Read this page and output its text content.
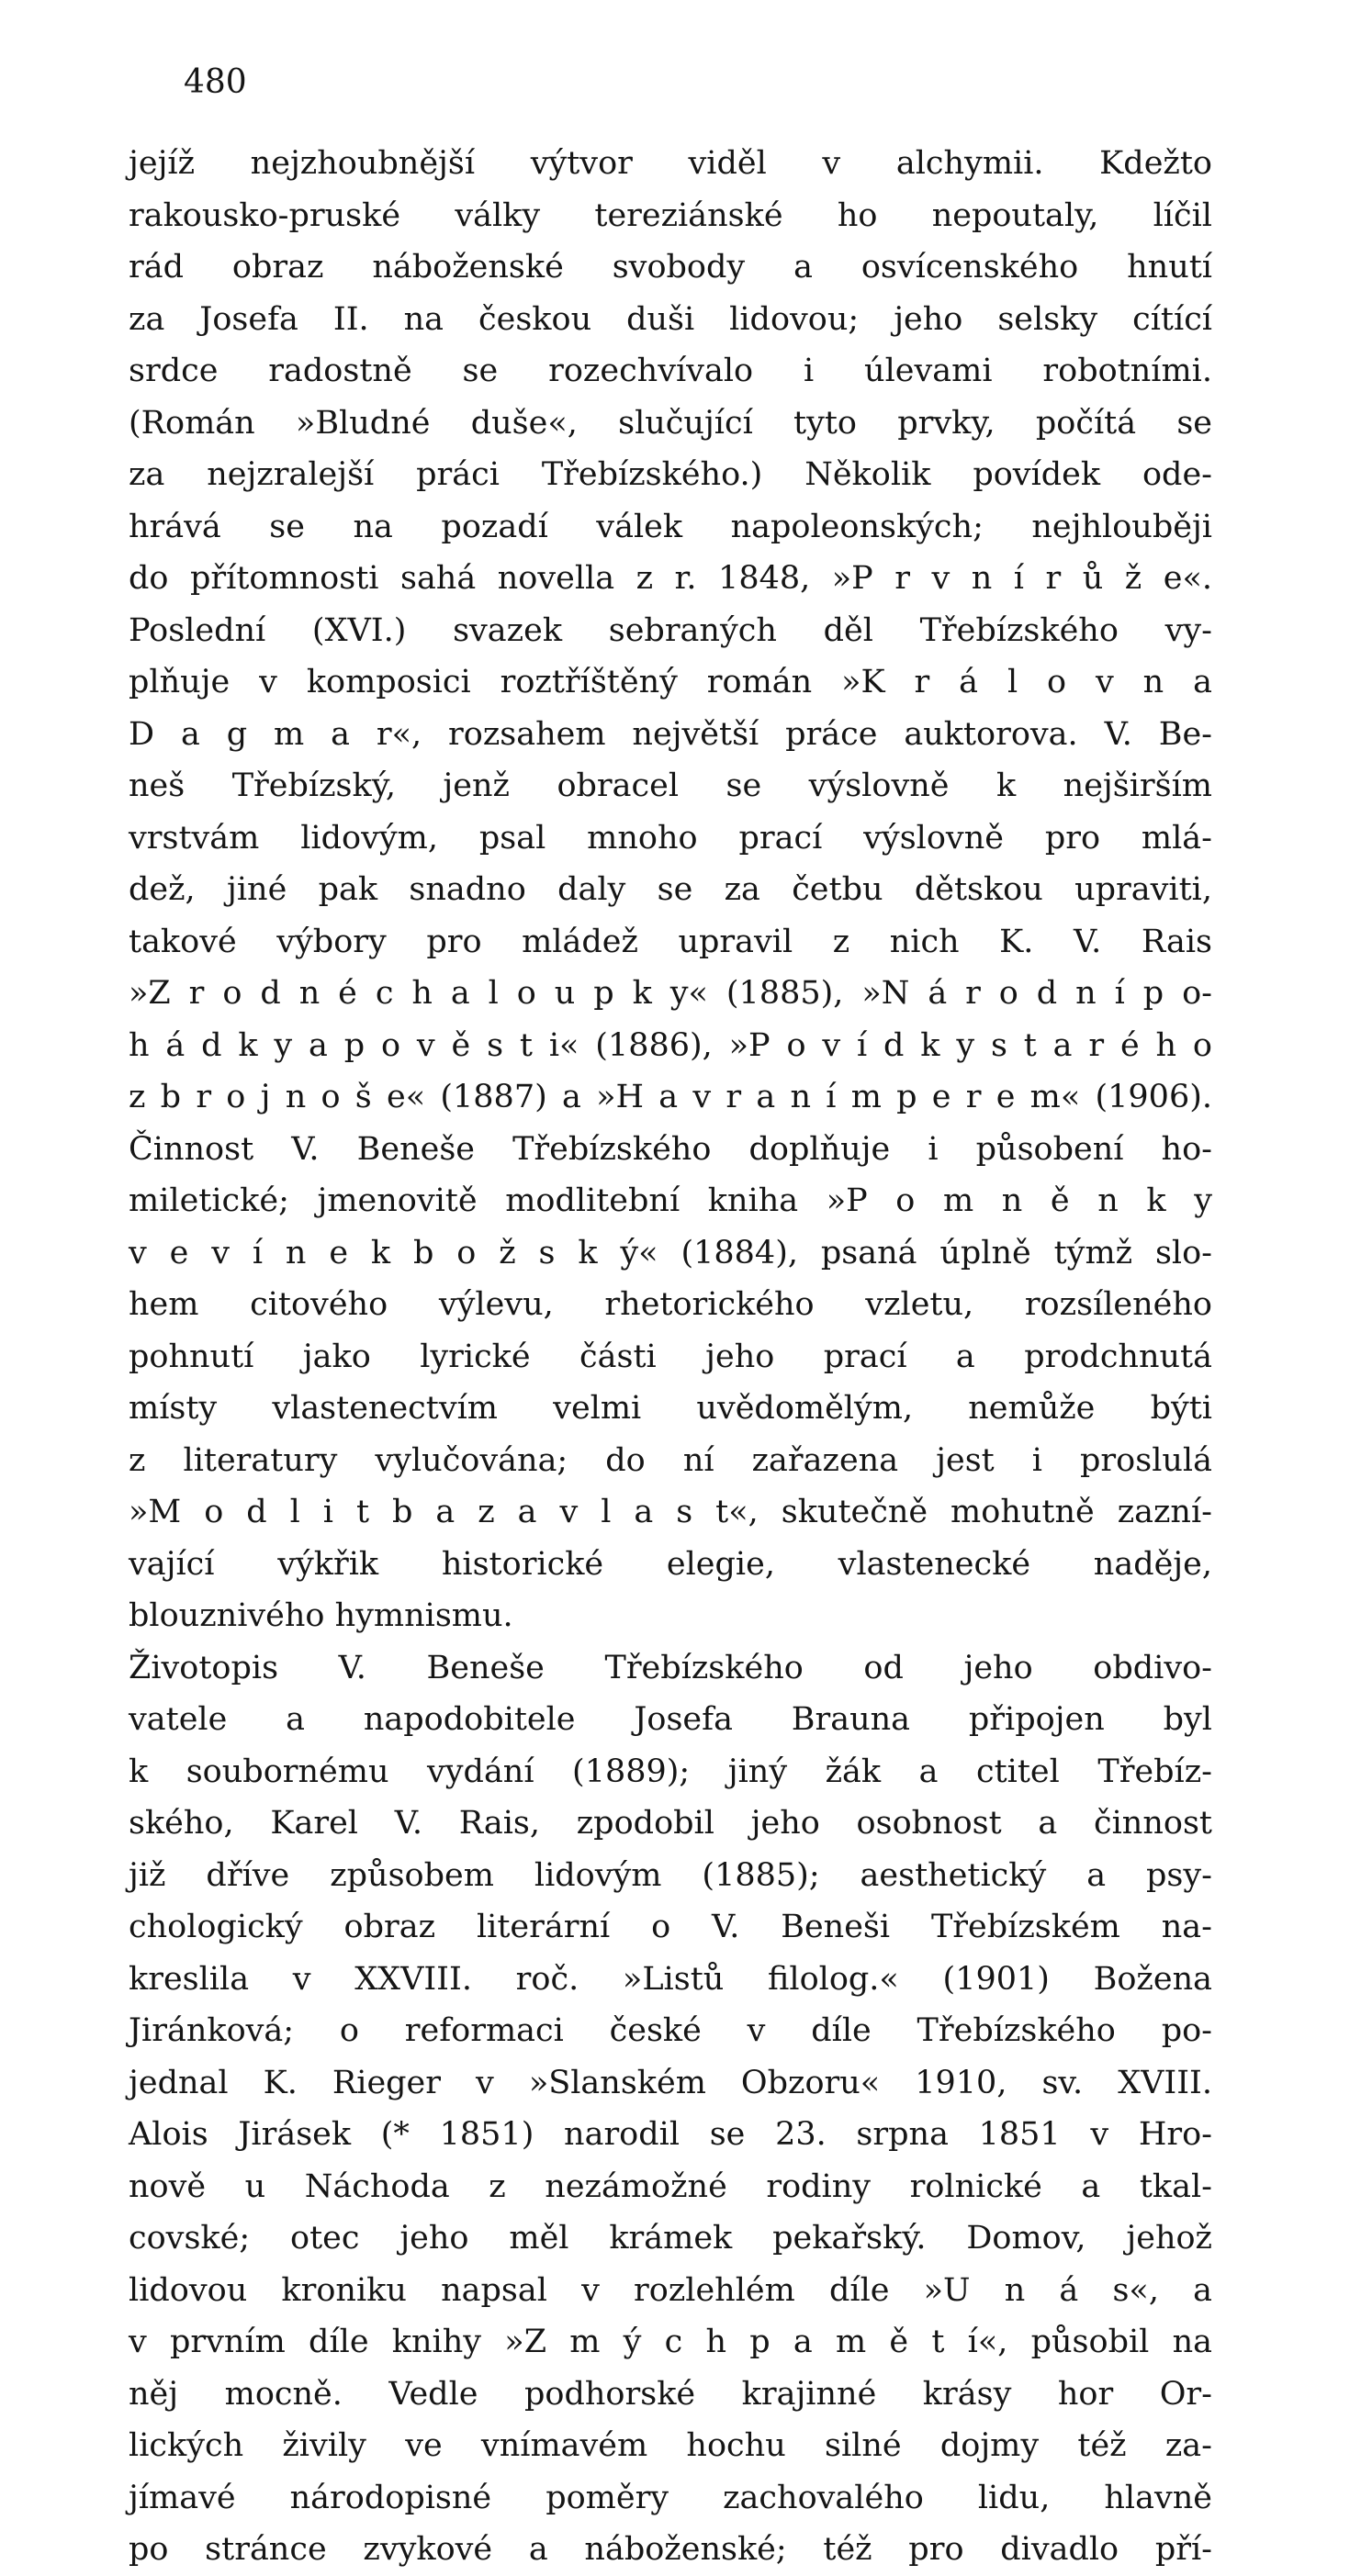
480
jejíž nejzhoubnější výtvor viděl v alchymii. Kdežto
rakousko-pruské války tereziánské ho nepoutaly, líčil
rád obraz náboženské svobody a osvícenského hnutí
za Josefa II. na českou duši lidovou; jeho selsky cítící
srdce radostně se rozechvívalo i úlevami robotními.
(Román »Bludné duše«, slučující tyto prvky, počítá se
za nejzralejší práci Třebízského.) Několik povídek ode-
hrává se na pozadí válek napoleonských; nejhlouběji
do přítomnosti sahá novella z r. 1848, »P r v n í r ů ž e«.
Poslední (XVI.) svazek sebraných děl Třebízského vy-
plňuje v komposici roztříštěný román »K r á l o v n a
D a g m a r«, rozsahem největší práce auktorova. V. Be-
neš Třebízský, jenž obracel se výslovně k nejširším
vrstvám lidovým, psal mnoho prací výslovně pro mlá-
dež, jiné pak snadno daly se za četbu dětskou upraviti,
takové výbory pro mládež upravil z nich K. V. Rais
»Z r o d n é c h a l o u p k y« (1885), »N á r o d n í p o-
h á d k y a p o v ě s t i« (1886), »P o v í d k y s t a r é h o
z b r o j n o š e« (1887) a »H a v r a n í m p e r e m« (1906).
Činnost V. Beneše Třebízského doplňuje i působení ho-
miletické; jmenovitě modlitební kniha »P o m n ě n k y
v e v í n e k b o ž s k ý« (1884), psaná úplně týmž slo-
hem citového výlevu, rhetorického vzletu, rozsíleného
pohnutí jako lyrické části jeho prací a prodchnutá
místy vlastenectvím velmi uvědomělým, nemůže býti
z literatury vylučována; do ní zařazena jest i proslulá
»M o d l i t b a z a v l a s t«, skutečně mohutně zazní-
vající výkřik historické elegie, vlastenecké naděje,
blouznivého hymnismu.
Životopis V. Beneše Třebízského od jeho obdivo-
vatele a napodobitele Josefa Brauna připojen byl
k soubornému vydání (1889); jiný žák a ctitel Třebíz-
ského, Karel V. Rais, zpodobil jeho osobnost a činnost
již dříve způsobem lidovým (1885); aesthetický a psy-
chologický obraz literární o V. Beneši Třebízském na-
kreslila v XXVIII. roč. »Listů filolog.« (1901) Božena
Jiránková; o reformaci české v díle Třebízského po-
jednal K. Rieger v »Slanském Obzoru« 1910, sv. XVIII.
Alois Jirásek (* 1851) narodil se 23. srpna 1851 v Hro-
nově u Náchoda z nezámožné rodiny rolnické a tkal-
covské; otec jeho měl krámek pekařský. Domov, jehož
lidovou kroniku napsal v rozlehlém díle »U n á s«, a
v prvním díle knihy »Z m ý c h p a m ě t í«, působil na
něj mocně. Vedle podhorské krajinné krásy hor Or-
lických živily ve vnímavém hochu silné dojmy též za-
jímavé národopisné poměry zachovalého lidu, hlavně
po stránce zvykové a náboženské; též pro divadlo pří-
